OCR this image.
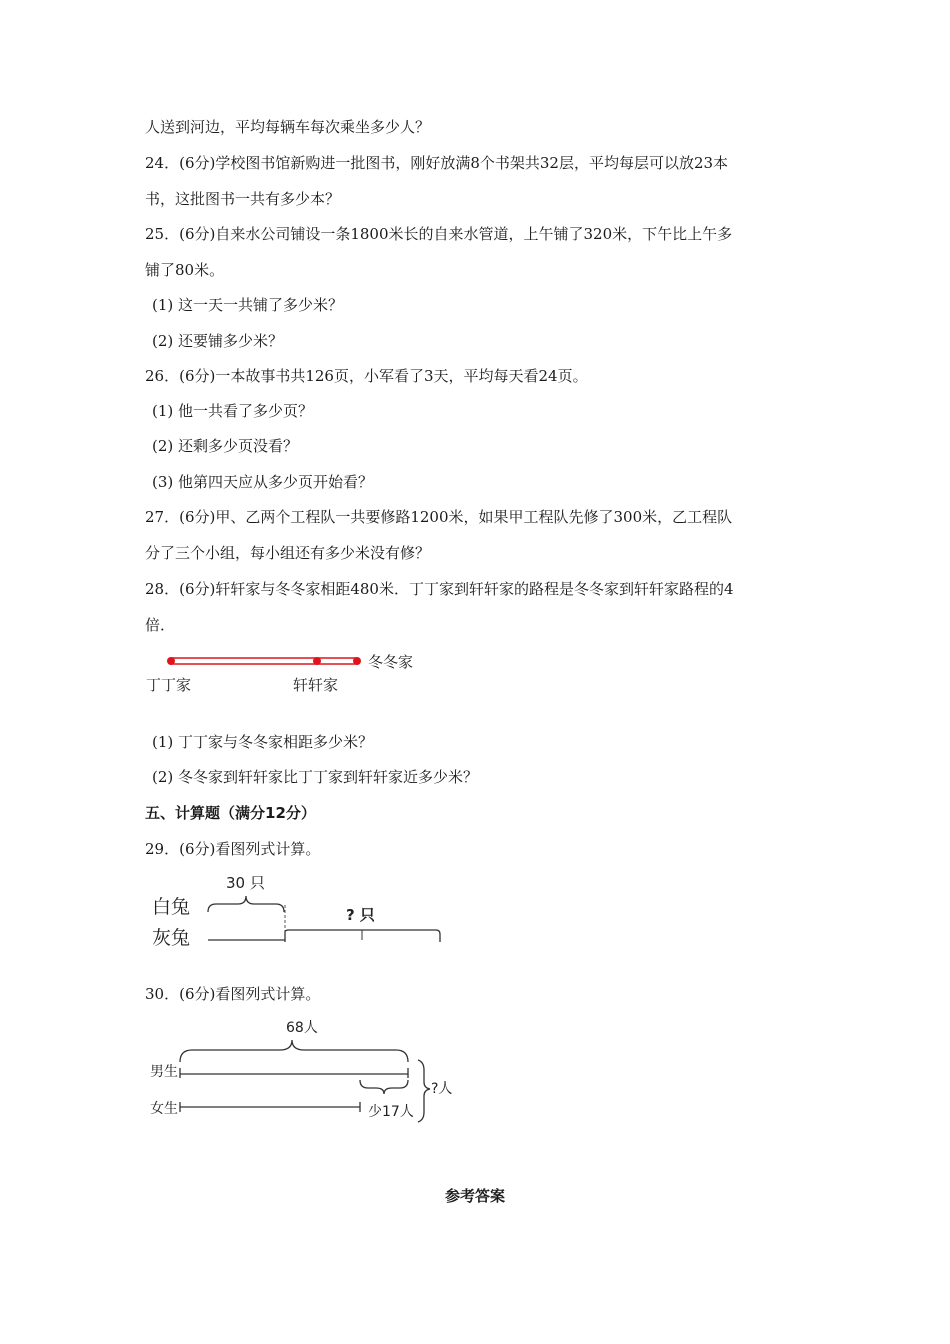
人送到河边，平均每辆车每次乘坐多少人？
24．(6分)学校图书馆新购进一批图书，刚好放满8个书架共32层，平均每层可以放23本
书，这批图书一共有多少本？
25．(6分)自来水公司铺设一条1800米长的自来水管道，上午铺了320米，下午比上午多
铺了80米。
(1) 这一天一共铺了多少米？
(2) 还要铺多少米？
26．(6分)一本故事书共126页，小军看了3天，平均每天看24页。
(1) 他一共看了多少页？
(2) 还剩多少页没看？
(3) 他第四天应从多少页开始看？
27．(6分)甲、乙两个工程队一共要修路1200米，如果甲工程队先修了300米，乙工程队
分了三个小组，每小组还有多少米没有修？
28．(6分)轩轩家与冬冬家相距480米．丁丁家到轩轩家的路程是冬冬家到轩轩家路程的4
倍．
冬冬家
丁丁家	轩轩家
(1) 丁丁家与冬冬家相距多少米？
(2) 冬冬家到轩轩家比丁丁家到轩轩家近多少米？
五、计算题（满分12分）
29．(6分)看图列式计算。
30 只
白兔
灰兔
? 只
30．(6分)看图列式计算。
68人
男生
女生	少17人
?人
参考答案
